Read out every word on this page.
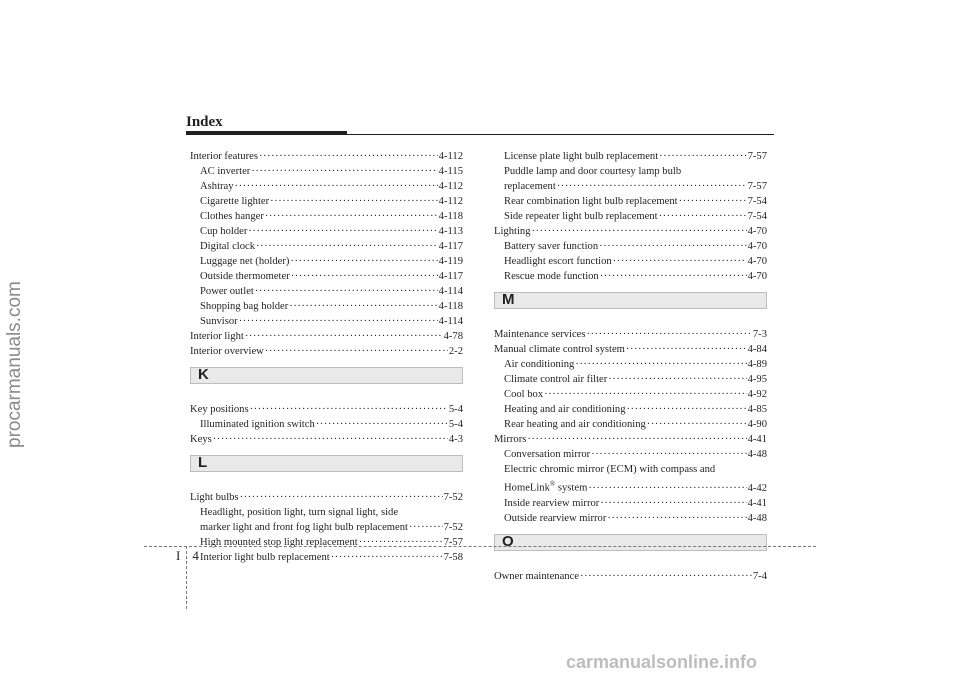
procarmanuals.com
Index
Interior features ·····	4-112
AC inverter ·····	4-115
Ashtray ·····	4-112
Cigarette lighter ·····	4-112
Clothes hanger ·····	4-118
Cup holder ·····	4-113
Digital clock ·····	4-117
Luggage net (holder) ·····	4-119
Outside thermometer ·····	4-117
Power outlet ·····	4-114
Shopping bag holder ·····	4-118
Sunvisor ·····	4-114
Interior light ·····	4-78
Interior overview ·····	2-2
K
Key positions ·····	5-4
Illuminated ignition switch ·····	5-4
Keys ·····	4-3
L
Light bulbs ·····	7-52
Headlight, position light, turn signal light, side
marker light and front fog light bulb replacement ·····	7-52
High mounted stop light replacement ·····	7-57
Interior light bulb replacement ·····	7-58
License plate light bulb replacement ·····	7-57
Puddle lamp and door courtesy lamp bulb
replacement ·····	7-57
Rear combination light bulb replacement ·····	7-54
Side repeater light bulb replacement ·····	7-54
Lighting ·····	4-70
Battery saver function ·····	4-70
Headlight escort function ·····	4-70
Rescue mode function ·····	4-70
M
Maintenance services ·····	7-3
Manual climate control system ·····	4-84
Air conditioning ·····	4-89
Climate control air filter ·····	4-95
Cool box ·····	4-92
Heating and air conditioning ·····	4-85
Rear heating and air conditioning ·····	4-90
Mirrors ·····	4-41
Conversation mirror ·····	4-48
Electric chromic mirror (ECM) with compass and
HomeLink® system ·····	4-42
Inside rearview mirror ·····	4-41
Outside rearview mirror ·····	4-48
O
Owner maintenance ·····	7-4
I 4
carmanualsonline.info
